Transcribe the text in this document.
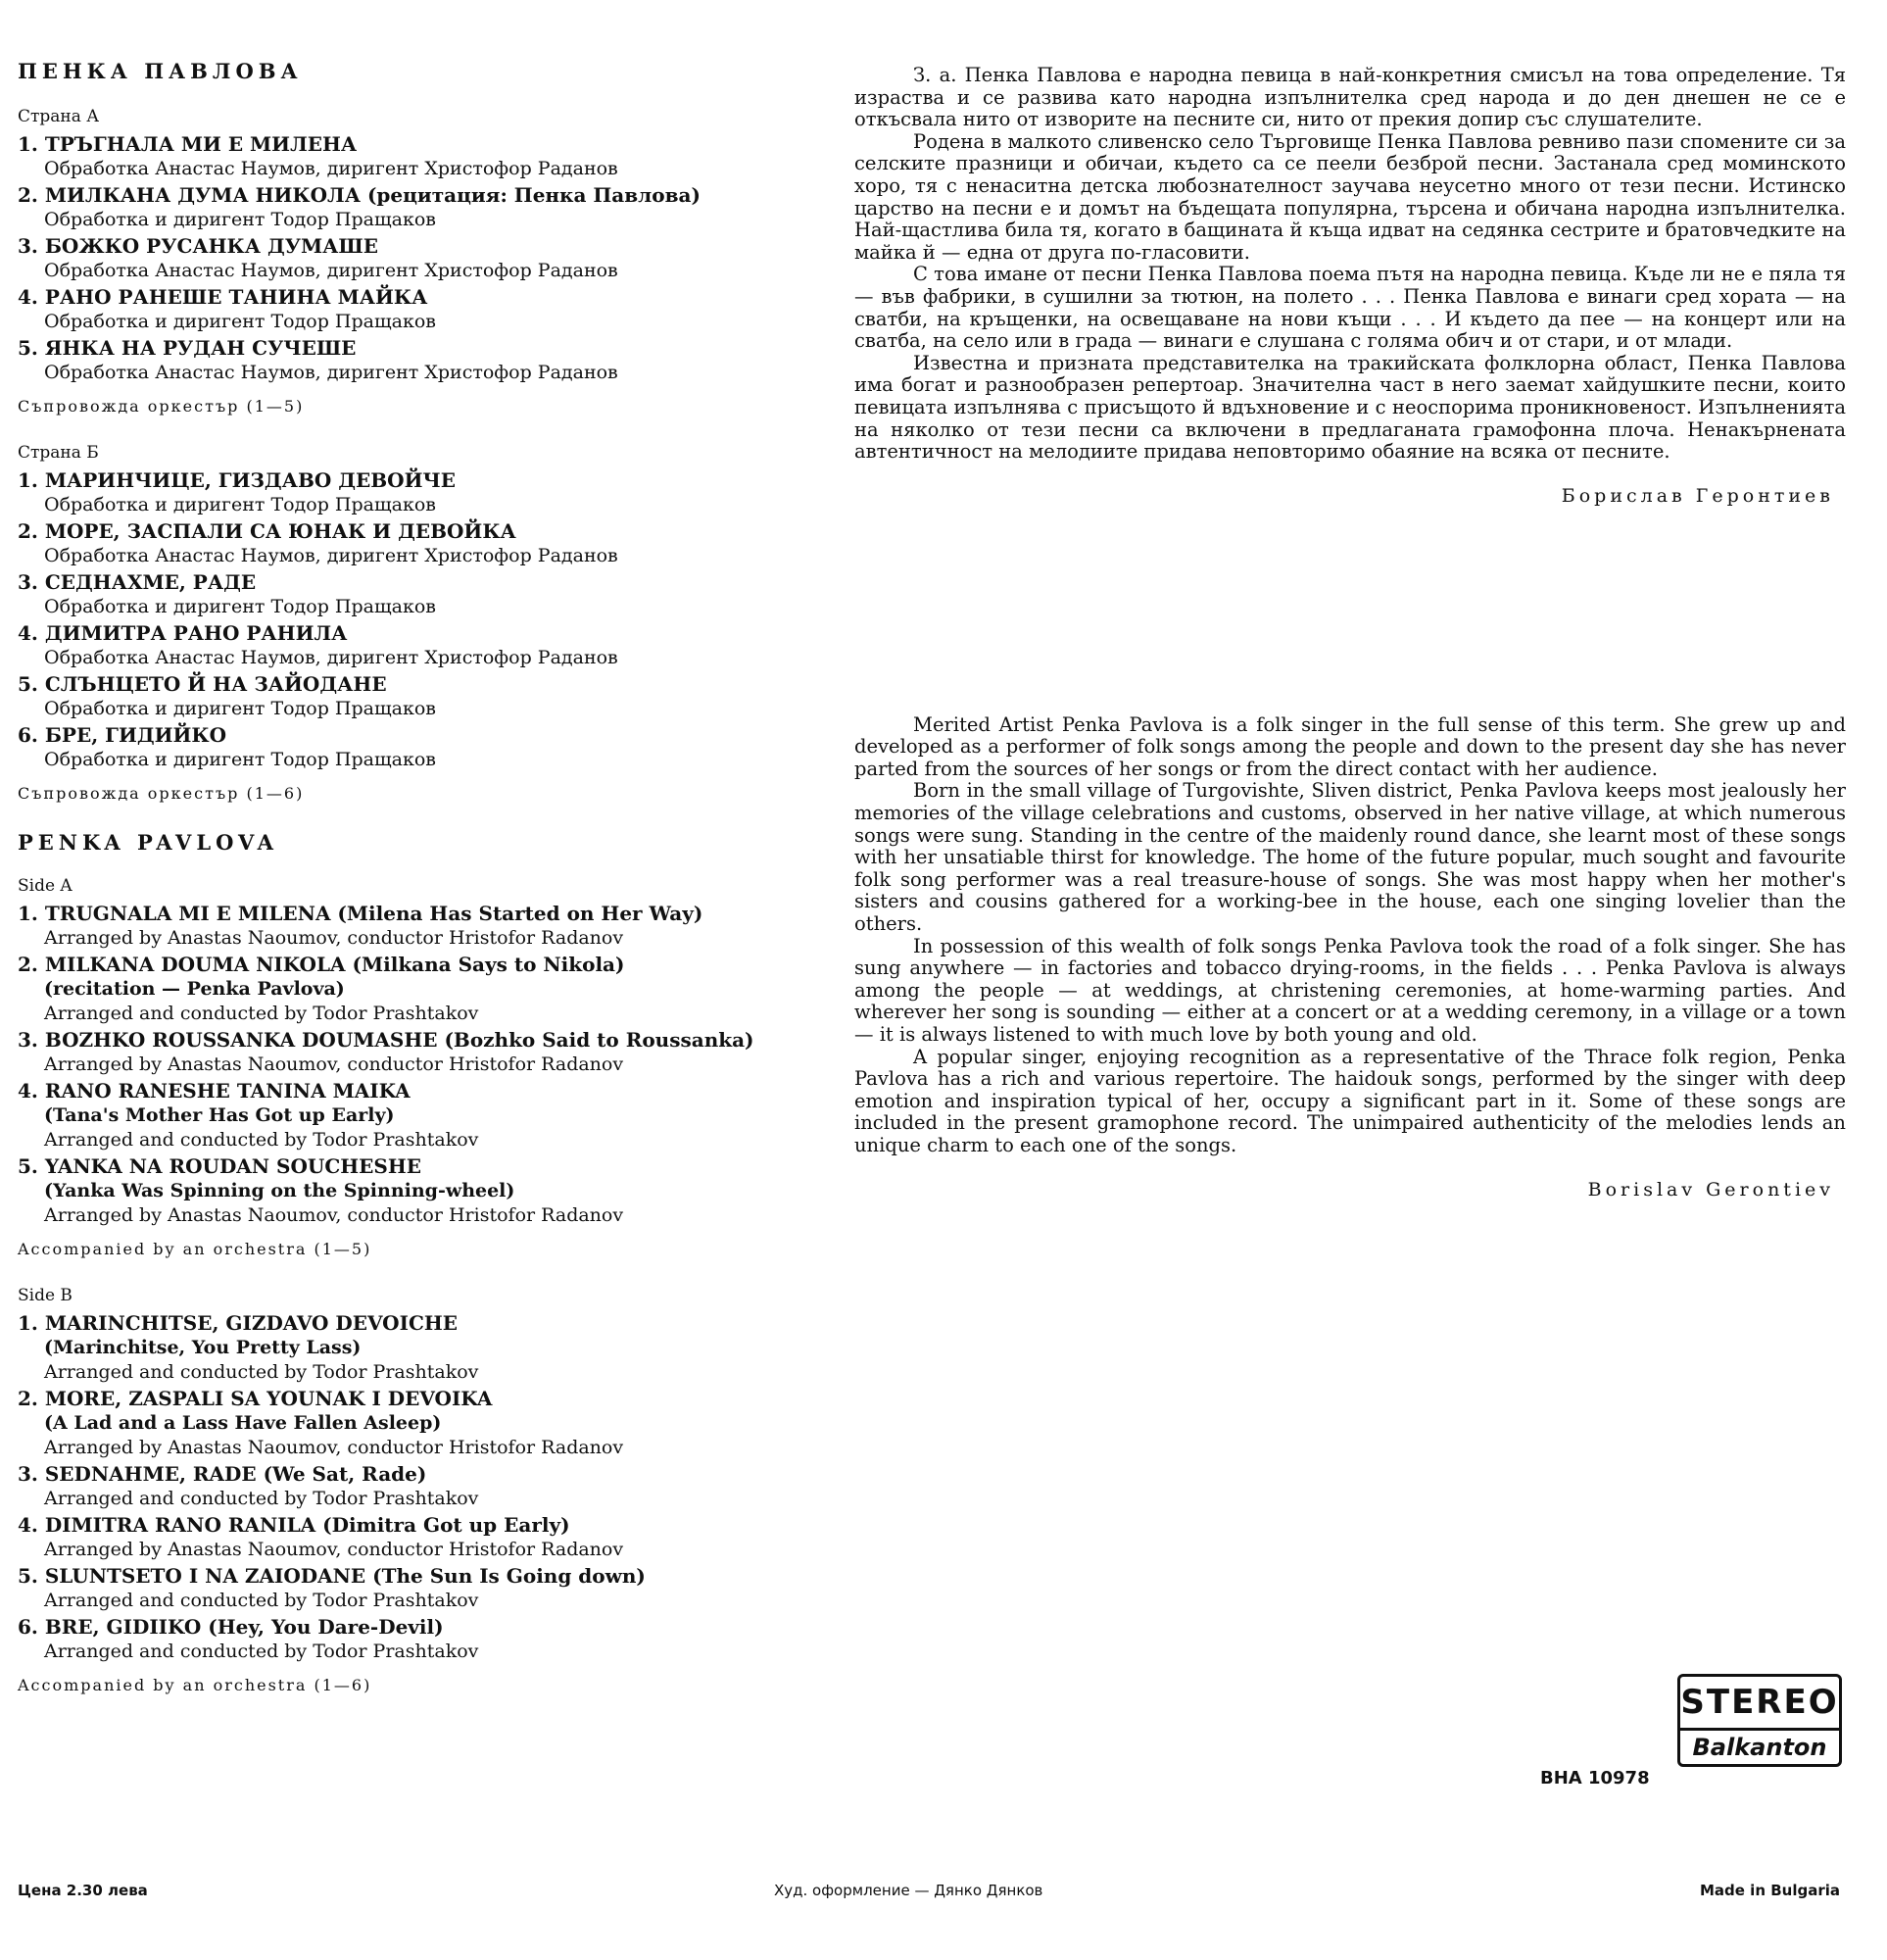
ПЕНКА ПАВЛОВА
Страна А
1. ТРЪГНАЛА МИ Е МИЛЕНА
Обработка Анастас Наумов, диригент Христофор Раданов
2. МИЛКАНА ДУМА НИКОЛА (рецитация: Пенка Павлова)
Обработка и диригент Тодор Пращаков
3. БОЖКО РУСАНКА ДУМАШЕ
Обработка Анастас Наумов, диригент Христофор Раданов
4. РАНО РАНЕШЕ ТАНИНА МАЙКА
Обработка и диригент Тодор Пращаков
5. ЯНКА НА РУДАН СУЧЕШЕ
Обработка Анастас Наумов, диригент Христофор Раданов
Съпровожда оркестър (1—5)
Страна Б
1. МАРИНЧИЦЕ, ГИЗДАВО ДЕВОЙЧЕ
Обработка и диригент Тодор Пращаков
2. МОРЕ, ЗАСПАЛИ СА ЮНАК И ДЕВОЙКА
Обработка Анастас Наумов, диригент Христофор Раданов
3. СЕДНАХМЕ, РАДЕ
Обработка и диригент Тодор Пращаков
4. ДИМИТРА РАНО РАНИЛА
Обработка Анастас Наумов, диригент Христофор Раданов
5. СЛЪНЦЕТО Й НА ЗАЙОДАНЕ
Обработка и диригент Тодор Пращаков
6. БРЕ, ГИДИЙКО
Обработка и диригент Тодор Пращаков
Съпровожда оркестър (1—6)
PENKA PAVLOVA
Side A
1. TRUGNALA MI E MILENA (Milena Has Started on Her Way)
Arranged by Anastas Naoumov, conductor Hristofor Radanov
2. MILKANA DOUMA NIKOLA (Milkana Says to Nikola)
(recitation — Penka Pavlova)
Arranged and conducted by Todor Prashtakov
3. BOZHKO ROUSSANKA DOUMASHE (Bozhko Said to Roussanka)
Arranged by Anastas Naoumov, conductor Hristofor Radanov
4. RANO RANESHE TANINA MAIKA
(Tana's Mother Has Got up Early)
Arranged and conducted by Todor Prashtakov
5. YANKA NA ROUDAN SOUCHESHE
(Yanka Was Spinning on the Spinning-wheel)
Arranged by Anastas Naoumov, conductor Hristofor Radanov
Accompanied by an orchestra (1—5)
Side B
1. MARINCHITSE, GIZDAVO DEVOICHE
(Marinchitse, You Pretty Lass)
Arranged and conducted by Todor Prashtakov
2. MORE, ZASPALI SA YOUNAK I DEVOIKA
(A Lad and a Lass Have Fallen Asleep)
Arranged by Anastas Naoumov, conductor Hristofor Radanov
3. SEDNAHME, RADE (We Sat, Rade)
Arranged and conducted by Todor Prashtakov
4. DIMITRA RANO RANILA (Dimitra Got up Early)
Arranged by Anastas Naoumov, conductor Hristofor Radanov
5. SLUNTSETO I NA ZAIODANE (The Sun Is Going down)
Arranged and conducted by Todor Prashtakov
6. BRE, GIDIIKO (Hey, You Dare-Devil)
Arranged and conducted by Todor Prashtakov
Accompanied by an orchestra (1—6)

З. а. Пенка Павлова е народна певица в най-конкретния смисъл на това определение. Тя израства и се развива като народна изпълнителка сред народа и до ден днешен не се е откъсвала нито от изворите на песните си, нито от прекия допир със слушателите.

Родена в малкото сливенско село Търговище Пенка Павлова ревниво пази спомените си за селските празници и обичаи, където са се пеели безброй песни. Застанала сред моминското хоро, тя с ненаситна детска любознателност заучава неусетно много от тези песни. Истинско царство на песни е и домът на бъдещата популярна, търсена и обичана народна изпълнителка. Най-щастлива била тя, когато в бащината й къща идват на седянка сестрите и братовчедките на майка й — една от друга по-гласовити.

С това имане от песни Пенка Павлова поема пътя на народна певица. Къде ли не е пяла тя — във фабрики, в сушилни за тютюн, на полето . . . Пенка Павлова е винаги сред хората — на сватби, на кръщенки, на освещаване на нови къщи . . . И където да пее — на концерт или на сватба, на село или в града — винаги е слушана с голяма обич и от стари, и от млади.

Известна и призната представителка на тракийската фолклорна област, Пенка Павлова има богат и разнообразен репертоар. Значителна част в него заемат хайдушките песни, които певицата изпълнява с присъщото й вдъхновение и с неоспорима проникновеност. Изпълненията на няколко от тези песни са включени в предлаганата грамофонна плоча. Ненакърнената автентичност на мелодиите придава неповторимо обаяние на всяка от песните.

Борислав Геронтиев

Merited Artist Penka Pavlova is a folk singer in the full sense of this term. She grew up and developed as a performer of folk songs among the people and down to the present day she has never parted from the sources of her songs or from the direct contact with her audience.

Born in the small village of Turgovishte, Sliven district, Penka Pavlova keeps most jealously her memories of the village celebrations and customs, observed in her native village, at which numerous songs were sung. Standing in the centre of the maidenly round dance, she learnt most of these songs with her unsatiable thirst for knowledge. The home of the future popular, much sought and favourite folk song performer was a real treasure-house of songs. She was most happy when her mother's sisters and cousins gathered for a working-bee in the house, each one singing lovelier than the others.

In possession of this wealth of folk songs Penka Pavlova took the road of a folk singer. She has sung anywhere — in factories and tobacco drying-rooms, in the fields . . . Penka Pavlova is always among the people — at weddings, at christening ceremonies, at home-warming parties. And wherever her song is sounding — either at a concert or at a wedding ceremony, in a village or a town — it is always listened to with much love by both young and old.

A popular singer, enjoying recognition as a representative of the Thrace folk region, Penka Pavlova has a rich and various repertoire. The haidouk songs, performed by the singer with deep emotion and inspiration typical of her, occupy a significant part in it. Some of these songs are included in the present gramophone record. The unimpaired authenticity of the melodies lends an unique charm to each one of the songs.

Borislav Gerontiev
STEREO
Balkanton
ВНА 10978
Цена 2.30 лева	Худ. оформление — Дянко Дянков	Made in Bulgaria
